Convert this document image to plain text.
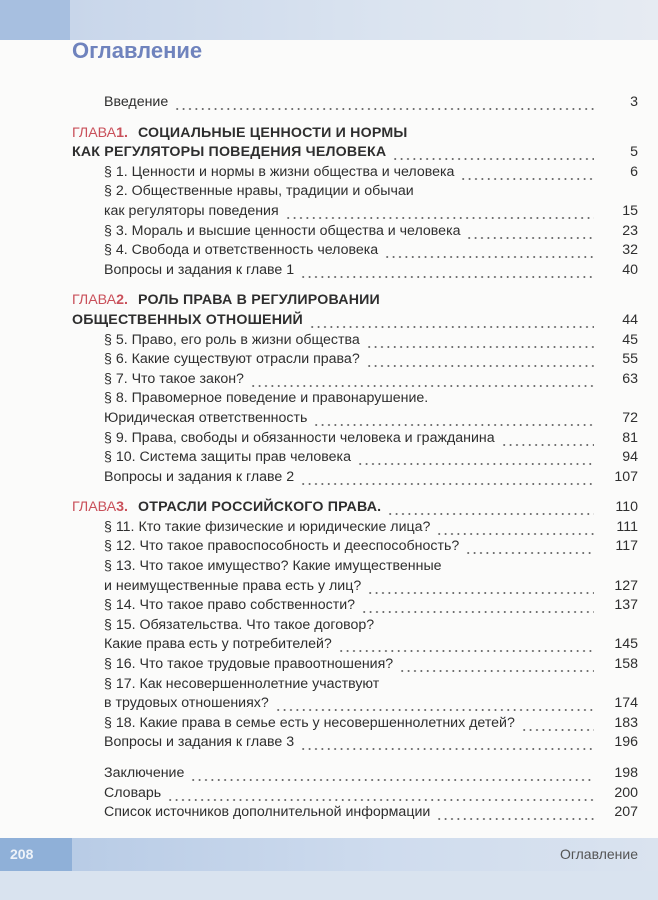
Оглавление
Введение	3
ГЛАВА 1. СОЦИАЛЬНЫЕ ЦЕННОСТИ И НОРМЫ
КАК РЕГУЛЯТОРЫ ПОВЕДЕНИЯ ЧЕЛОВЕКА	5
§ 1. Ценности и нормы в жизни общества и человека	6
§ 2. Общественные нравы, традиции и обычаи
как регуляторы поведения	15
§ 3. Мораль и высшие ценности общества и человека	23
§ 4. Свобода и ответственность человека	32
Вопросы и задания к главе 1	40
ГЛАВА 2. РОЛЬ ПРАВА В РЕГУЛИРОВАНИИ
ОБЩЕСТВЕННЫХ ОТНОШЕНИЙ	44
§ 5. Право, его роль в жизни общества	45
§ 6. Какие существуют отрасли права?	55
§ 7. Что такое закон?	63
§ 8. Правомерное поведение и правонарушение.
Юридическая ответственность	72
§ 9. Права, свободы и обязанности человека и гражданина	81
§ 10. Система защиты прав человека	94
Вопросы и задания к главе 2	107
ГЛАВА 3. ОТРАСЛИ РОССИЙСКОГО ПРАВА.	110
§ 11. Кто такие физические и юридические лица?	111
§ 12. Что такое правоспособность и дееспособность?	117
§ 13. Что такое имущество? Какие имущественные
и неимущественные права есть у лиц?	127
§ 14. Что такое право собственности?	137
§ 15. Обязательства. Что такое договор?
Какие права есть у потребителей?	145
§ 16. Что такое трудовые правоотношения?	158
§ 17. Как несовершеннолетние участвуют
в трудовых отношениях?	174
§ 18. Какие права в семье есть у несовершеннолетних детей?	183
Вопросы и задания к главе 3	196
Заключение	198
Словарь	200
Список источников дополнительной информации	207
208	Оглавление
